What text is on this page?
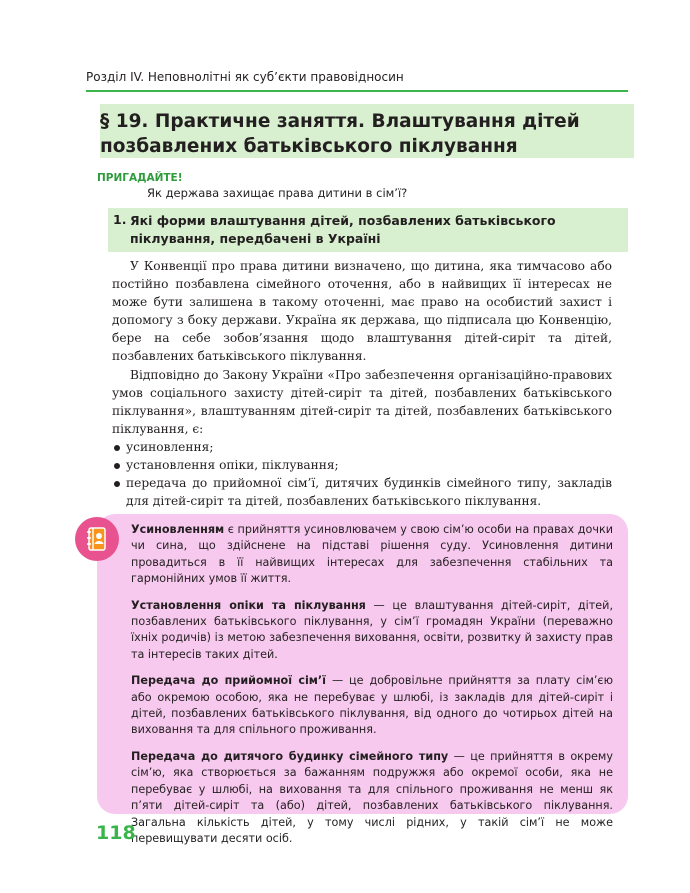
Розділ IV. Неповнолітні як суб’єкти правовідносин
§ 19. Практичне заняття. Влаштування дітей позбавлених батьківського піклування
ПРИГАДАЙТЕ!
Як держава захищає права дитини в сім’ї?
1. Які форми влаштування дітей, позбавлених батьківського піклування, передбачені в Україні

У Конвенції про права дитини визначено, що дитина, яка тимчасово або постійно позбавлена сімейного оточення, або в найвищих її інтересах не може бути залишена в такому оточенні, має право на особистий захист і допомогу з боку держави. Україна як держава, що підписала цю Конвенцію, бере на себе зобов’язання щодо влаштування дітей-сиріт та дітей, позбавлених батьківського піклування.

Відповідно до Закону України «Про забезпечення організаційно-правових умов соціального захисту дітей-сиріт та дітей, позбавлених батьківського піклування», влаштуванням дітей-сиріт та дітей, позбавлених батьківського піклування, є:

усиновлення;
установлення опіки, піклування;
передача до прийомної сім’ї, дитячих будинків сімейного типу, закладів для дітей-сиріт та дітей, позбавлених батьківського піклування.

Усиновленням є прийняття усиновлювачем у свою сім’ю особи на правах дочки чи сина, що здійснене на підставі рішення суду. Усиновлення дитини провадиться в її найвищих інтересах для забезпечення стабільних та гармонійних умов її життя.

Установлення опіки та піклування — це влаштування дітей-сиріт, дітей, позбавлених батьківського піклування, у сім’ї громадян України (переважно їхніх родичів) із метою забезпечення виховання, освіти, розвитку й захисту прав та інтересів таких дітей.

Передача до прийомної сім’ї — це добровільне прийняття за плату сім’єю або окремою особою, яка не перебуває у шлюбі, із закладів для дітей-сиріт і дітей, позбавлених батьківського піклування, від одного до чотирьох дітей на виховання та для спільного проживання.

Передача до дитячого будинку сімейного типу — це прийняття в окрему сім’ю, яка створюється за бажанням подружжя або окремої особи, яка не перебуває у шлюбі, на виховання та для спільного проживання не менш як п’яти дітей-сиріт та (або) дітей, позбавлених батьківського піклування. Загальна кількість дітей, у тому числі рідних, у такій сім’ї не може перевищувати десяти осіб.

118
